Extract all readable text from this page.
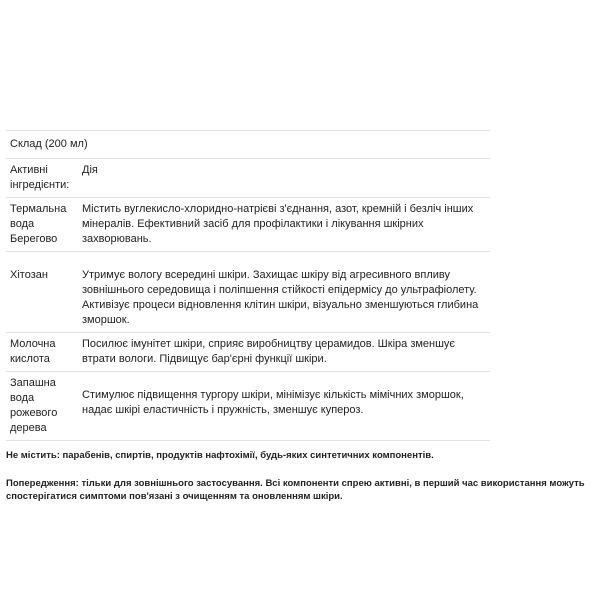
Склад (200 мл)	
Активні інгредієнти:	Дія
Термальна вода Берегово	Містить вуглекисло-хлоридно-натрієві з'єднання, азот, кремній і безліч інших мінералів. Ефективний засіб для профілактики і лікування шкірних захворювань.
Хітозан	Утримує вологу всередині шкіри. Захищає шкіру від агресивного впливу зовнішнього середовища і поліпшення стійкості епідермісу до ультрафіолету. Активізує процеси відновлення клітин шкіри, візуально зменшуються глибина зморшок.
Молочна кислота	Посилює імунітет шкіри, сприяє виробництву церамидов. Шкіра зменшує втрати вологи. Підвищує бар'єрні функції шкіри.
Запашна вода рожевого дерева	Стимулює підвищення тургору шкіри, мінімізує кількість мімічних зморшок, надає шкірі еластичність і пружність, зменшує купероз.

Не містить: парабенів, спиртів, продуктів нафтохімії, будь-яких синтетичних компонентів.

Попередження: тільки для зовнішнього застосування. Всі компоненти спрею активні, в перший час використання можуть спостерігатися симптоми пов'язані з очищенням та оновленням шкіри.
